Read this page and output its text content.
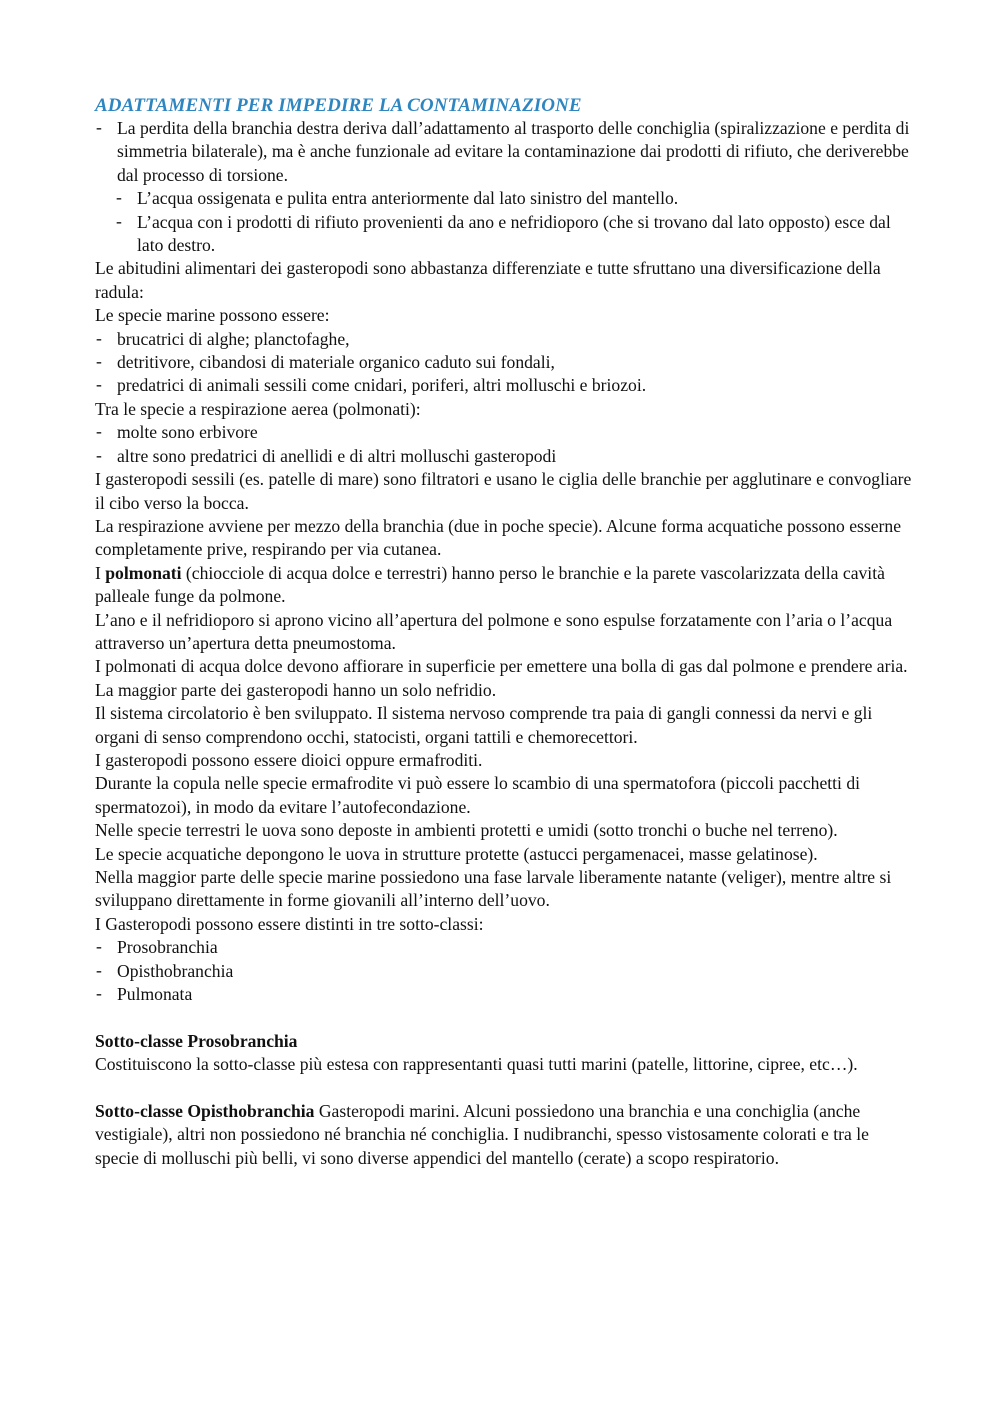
ADATTAMENTI PER IMPEDIRE LA CONTAMINAZIONE
- La perdita della branchia destra deriva dall’adattamento al trasporto delle conchiglia (spiralizzazione e perdita di simmetria bilaterale), ma è anche funzionale ad evitare la contaminazione dai prodotti di rifiuto, che deriverebbe dal processo di torsione.
- L’acqua ossigenata e pulita entra anteriormente dal lato sinistro del mantello.
- L’acqua con i prodotti di rifiuto provenienti da ano e nefridioporo (che si trovano dal lato opposto) esce dal lato destro.
Le abitudini alimentari dei gasteropodi sono abbastanza differenziate e tutte sfruttano una diversificazione della radula:
Le specie marine possono essere:
- brucatrici di alghe; planctofaghe,
- detritivore, cibandosi di materiale organico caduto sui fondali,
- predatrici di animali sessili come cnidari, poriferi, altri molluschi e briozoi.
Tra le specie a respirazione aerea (polmonati):
- molte sono erbivore
- altre sono predatrici di anellidi e di altri molluschi gasteropodi
I gasteropodi sessili (es. patelle di mare) sono filtratori e usano le ciglia delle branchie per agglutinare e convogliare il cibo verso la bocca.
La respirazione avviene per mezzo della branchia (due in poche specie). Alcune forma acquatiche possono esserne completamente prive, respirando per via cutanea.
I polmonati (chiocciole di acqua dolce e terrestri) hanno perso le branchie e la parete vascolarizzata della cavità palleale funge da polmone.
L’ano e il nefridioporo si aprono vicino all’apertura del polmone e sono espulse forzatamente con l’aria o l’acqua attraverso un’apertura detta pneumostoma.
I polmonati di acqua dolce devono affiorare in superficie per emettere una bolla di gas dal polmone e prendere aria.
La maggior parte dei gasteropodi hanno un solo nefridio.
Il sistema circolatorio è ben sviluppato. Il sistema nervoso comprende tra paia di gangli connessi da nervi e gli organi di senso comprendono occhi, statocisti, organi tattili e chemorecettori.
I gasteropodi possono essere dioici oppure ermafroditi.
Durante la copula nelle specie ermafrodite vi può essere lo scambio di una spermatofora (piccoli pacchetti di spermatozoi), in modo da evitare l’autofecondazione.
Nelle specie terrestri le uova sono deposte in ambienti protetti e umidi (sotto tronchi o buche nel terreno).
Le specie acquatiche depongono le uova in strutture protette (astucci pergamenacei, masse gelatinose).
Nella maggior parte delle specie marine possiedono una fase larvale liberamente natante (veliger), mentre altre si sviluppano direttamente in forme giovanili all’interno dell’uovo.
I Gasteropodi possono essere distinti in tre sotto-classi:
- Prosobranchia
- Opisthobranchia
- Pulmonata
Sotto-classe Prosobranchia
Costituiscono la sotto-classe più estesa con rappresentanti quasi tutti marini (patelle, littorine, cipree, etc…).
Sotto-classe Opisthobranchia Gasteropodi marini. Alcuni possiedono una branchia e una conchiglia (anche vestigiale), altri non possiedono né branchia né conchiglia. I nudibranchi, spesso vistosamente colorati e tra le specie di molluschi più belli, vi sono diverse appendici del mantello (cerate) a scopo respiratorio.
